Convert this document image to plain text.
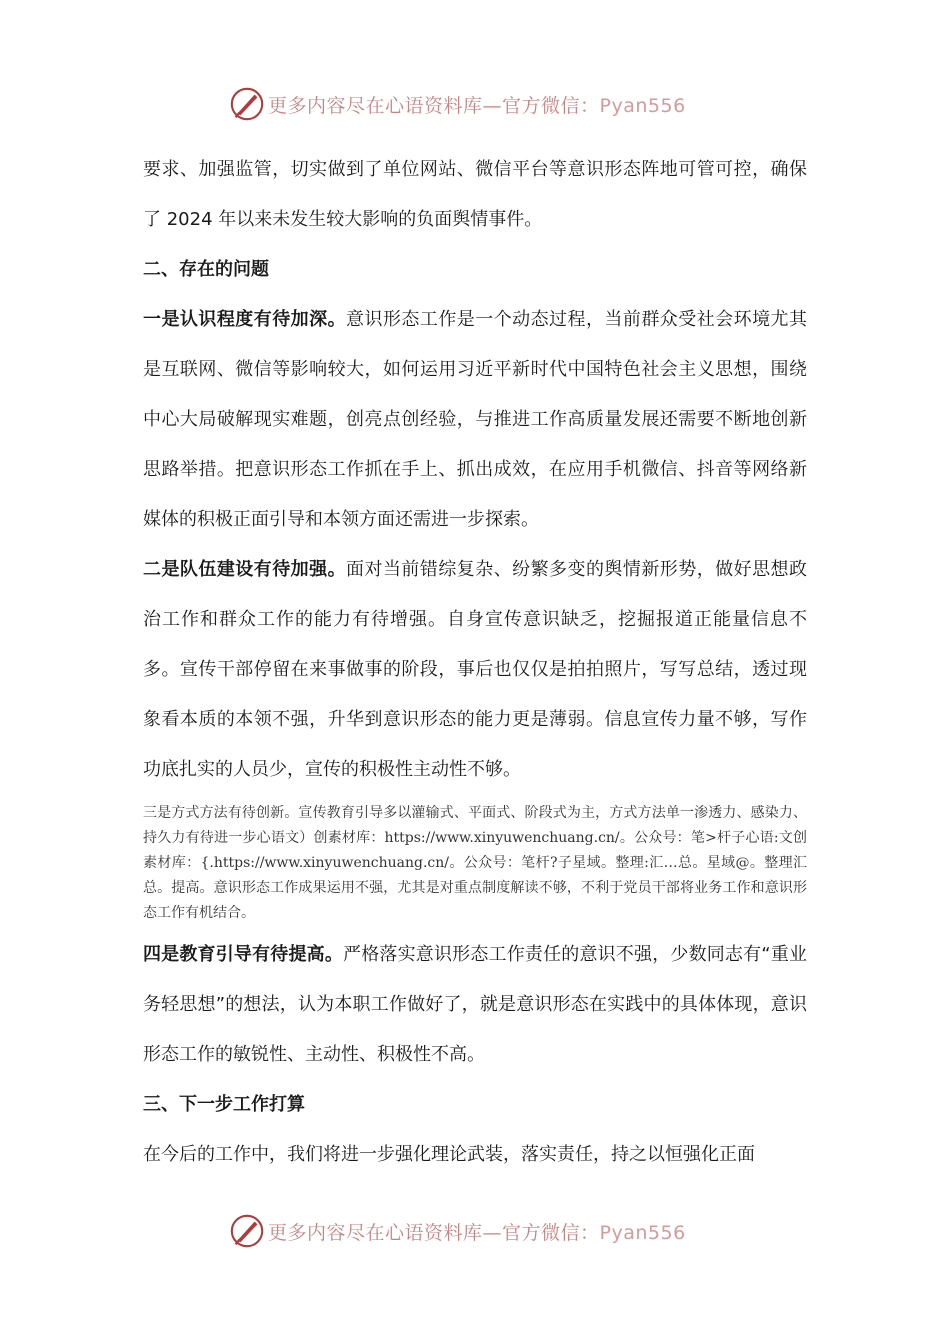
更多内容尽在心语资料库—官方微信：Pyan556

要求、加强监管，切实做到了单位网站、微信平台等意识形态阵地可管可控，确保了 2024 年以来未发生较大影响的负面舆情事件。

二、存在的问题

一是认识程度有待加深。意识形态工作是一个动态过程，当前群众受社会环境尤其是互联网、微信等影响较大，如何运用习近平新时代中国特色社会主义思想，围绕中心大局破解现实难题，创亮点创经验，与推进工作高质量发展还需要不断地创新思路举措。把意识形态工作抓在手上、抓出成效，在应用手机微信、抖音等网络新媒体的积极正面引导和本领方面还需进一步探索。

二是队伍建设有待加强。面对当前错综复杂、纷繁多变的舆情新形势，做好思想政治工作和群众工作的能力有待增强。自身宣传意识缺乏，挖掘报道正能量信息不多。宣传干部停留在来事做事的阶段，事后也仅仅是拍拍照片，写写总结，透过现象看本质的本领不强，升华到意识形态的能力更是薄弱。信息宣传力量不够，写作功底扎实的人员少，宣传的积极性主动性不够。

三是方式方法有待创新。宣传教育引导多以灌输式、平面式、阶段式为主，方式方法单一渗透力、感染力、持久力有待进一步心语文）创素材库：https://www.xinyuwenchuang.cn/。公众号：笔>杆子心语:文创素材库：{.https://www.xinyuwenchuang.cn/。公众号：笔杆?子星域。整理:汇…总。星域@。整理汇总。提高。意识形态工作成果运用不强，尤其是对重点制度解读不够，不利于党员干部将业务工作和意识形态工作有机结合。

四是教育引导有待提高。严格落实意识形态工作责任的意识不强，少数同志有“重业务轻思想”的想法，认为本职工作做好了，就是意识形态在实践中的具体体现，意识形态工作的敏锐性、主动性、积极性不高。

三、下一步工作打算

在今后的工作中，我们将进一步强化理论武装，落实责任，持之以恒强化正面

更多内容尽在心语资料库—官方微信：Pyan556
